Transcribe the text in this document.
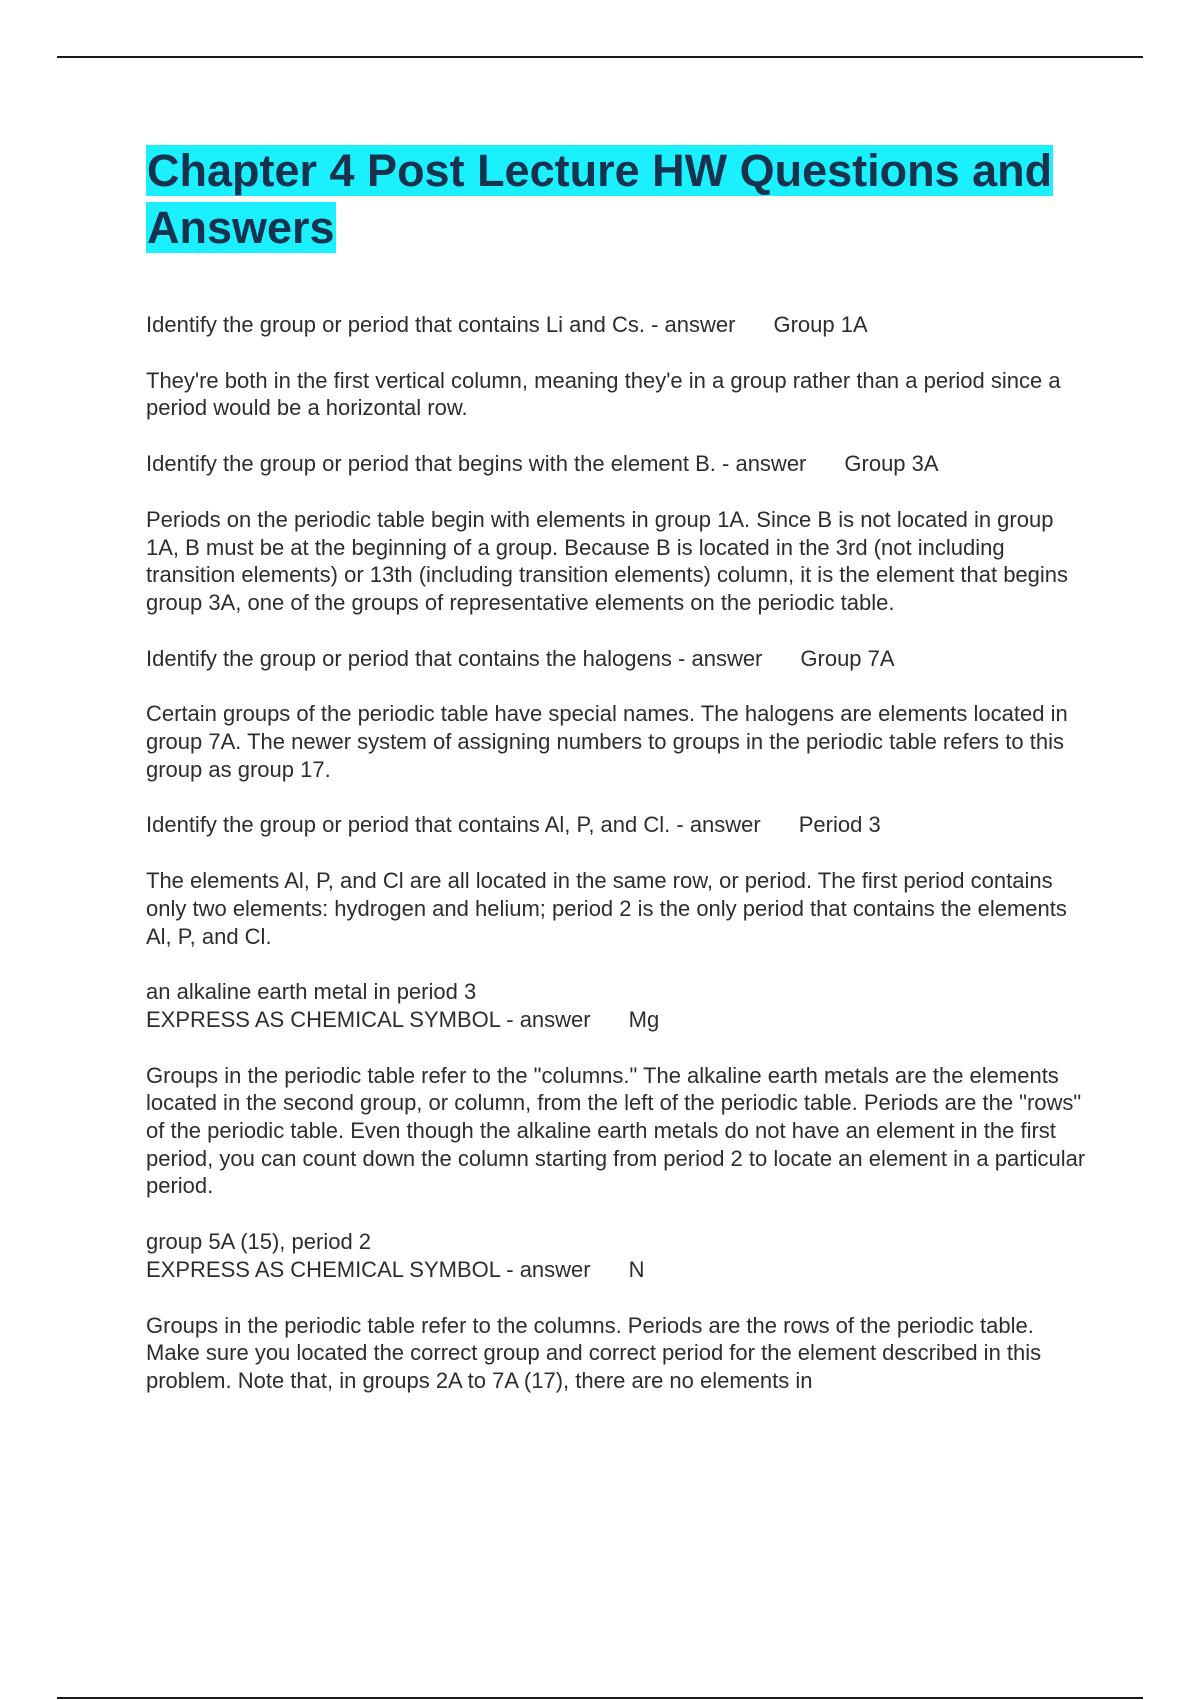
Chapter 4 Post Lecture HW Questions and Answers

Identify the group or period that contains Li and Cs. - answer Group 1A

They're both in the first vertical column, meaning they'e in a group rather than a period since a period would be a horizontal row.

Identify the group or period that begins with the element B. - answer Group 3A

Periods on the periodic table begin with elements in group 1A. Since B is not located in group 1A, B must be at the beginning of a group. Because B is located in the 3rd (not including transition elements) or 13th (including transition elements) column, it is the element that begins group 3A, one of the groups of representative elements on the periodic table.

Identify the group or period that contains the halogens - answer Group 7A

Certain groups of the periodic table have special names. The halogens are elements located in group 7A. The newer system of assigning numbers to groups in the periodic table refers to this group as group 17.

Identify the group or period that contains Al, P, and Cl. - answer Period 3

The elements Al, P, and Cl are all located in the same row, or period. The first period contains only two elements: hydrogen and helium; period 2 is the only period that contains the elements Al, P, and Cl.

an alkaline earth metal in period 3
EXPRESS AS CHEMICAL SYMBOL - answer Mg

Groups in the periodic table refer to the "columns." The alkaline earth metals are the elements located in the second group, or column, from the left of the periodic table. Periods are the "rows" of the periodic table. Even though the alkaline earth metals do not have an element in the first period, you can count down the column starting from period 2 to locate an element in a particular period.

group 5A (15), period 2
EXPRESS AS CHEMICAL SYMBOL - answer N

Groups in the periodic table refer to the columns. Periods are the rows of the periodic table. Make sure you located the correct group and correct period for the element described in this problem. Note that, in groups 2A to 7A (17), there are no elements in
